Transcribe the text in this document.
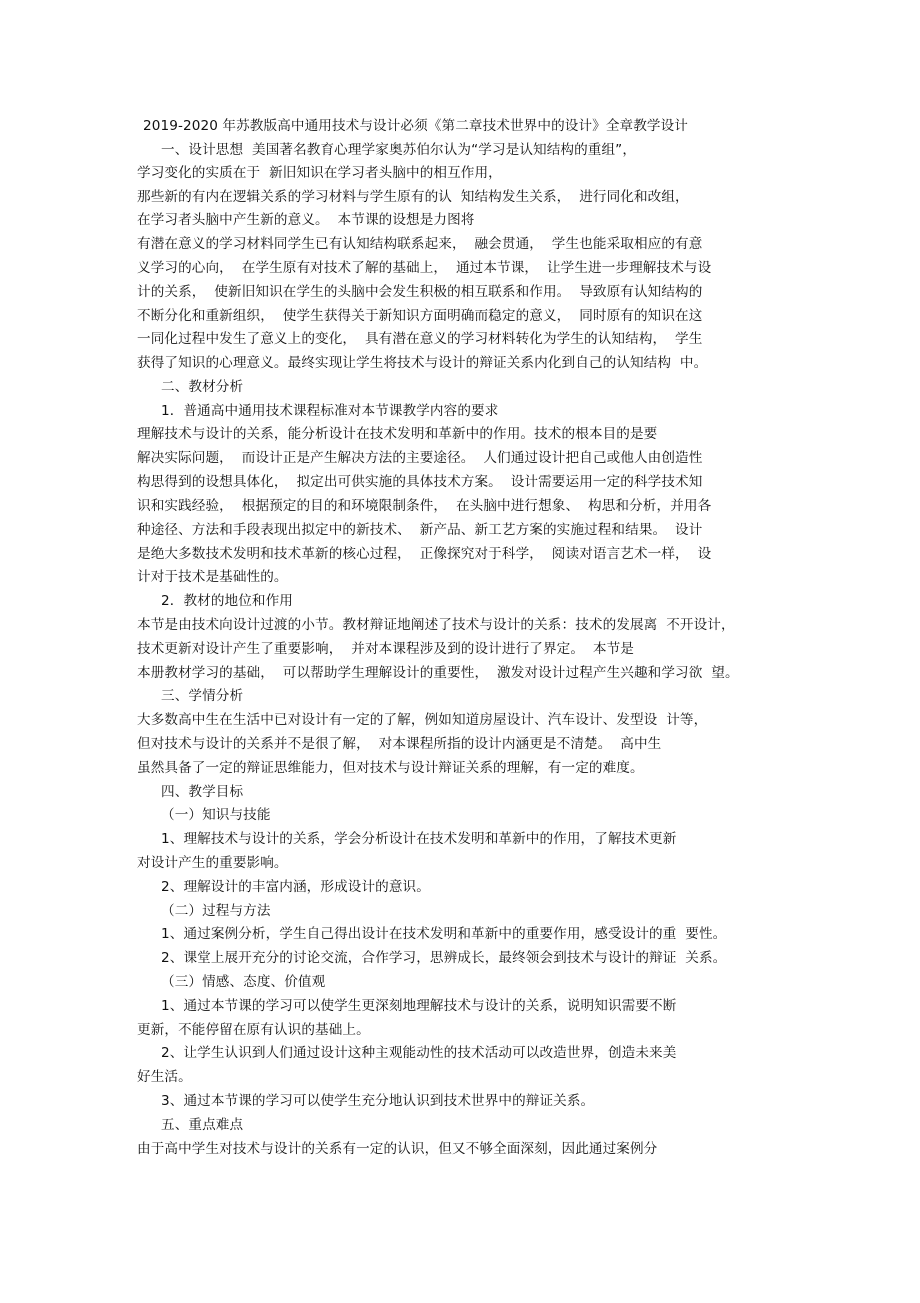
2019-2020 年苏教版高中通用技术与设计必须《第二章技术世界中的设计》全章教学设计
一、设计思想  美国著名教育心理学家奥苏伯尔认为“学习是认知结构的重组”，
学习变化的实质在于  新旧知识在学习者头脑中的相互作用，
那些新的有内在逻辑关系的学习材料与学生原有的认  知结构发生关系，  进行同化和改组，
在学习者头脑中产生新的意义。  本节课的设想是力图将
有潜在意义的学习材料同学生已有认知结构联系起来，  融会贯通，  学生也能采取相应的有意
义学习的心向，  在学生原有对技术了解的基础上，  通过本节课，  让学生进一步理解技术与设
计的关系，  使新旧知识在学生的头脑中会发生积极的相互联系和作用。  导致原有认知结构的
不断分化和重新组织，  使学生获得关于新知识方面明确而稳定的意义，  同时原有的知识在这
一同化过程中发生了意义上的变化，  具有潜在意义的学习材料转化为学生的认知结构，  学生
获得了知识的心理意义。最终实现让学生将技术与设计的辩证关系内化到自己的认知结构  中。
二、教材分析
1．普通高中通用技术课程标准对本节课教学内容的要求
理解技术与设计的关系，能分析设计在技术发明和革新中的作用。技术的根本目的是要
解决实际问题，  而设计正是产生解决方法的主要途径。  人们通过设计把自己或他人由创造性
构思得到的设想具体化，  拟定出可供实施的具体技术方案。  设计需要运用一定的科学技术知
识和实践经验，  根据预定的目的和环境限制条件，  在头脑中进行想象、  构思和分析，并用各
种途径、方法和手段表现出拟定中的新技术、  新产品、新工艺方案的实施过程和结果。  设计
是绝大多数技术发明和技术革新的核心过程，  正像探究对于科学，  阅读对语言艺术一样，  设
计对于技术是基础性的。
2．教材的地位和作用
本节是由技术向设计过渡的小节。教材辩证地阐述了技术与设计的关系：技术的发展离  不开设计，
技术更新对设计产生了重要影响，  并对本课程涉及到的设计进行了界定。  本节是
本册教材学习的基础，  可以帮助学生理解设计的重要性，  激发对设计过程产生兴趣和学习欲  望。
三、学情分析
大多数高中生在生活中已对设计有一定的了解，例如知道房屋设计、汽车设计、发型设  计等，
但对技术与设计的关系并不是很了解，  对本课程所指的设计内涵更是不清楚。  高中生
虽然具备了一定的辩证思维能力，但对技术与设计辩证关系的理解，有一定的难度。
四、教学目标
（一）知识与技能
1、理解技术与设计的关系，学会分析设计在技术发明和革新中的作用，了解技术更新
对设计产生的重要影响。
2、理解设计的丰富内涵，形成设计的意识。
（二）过程与方法
1、通过案例分析，学生自己得出设计在技术发明和革新中的重要作用，感受设计的重  要性。
2、课堂上展开充分的讨论交流，合作学习，思辨成长，最终领会到技术与设计的辩证  关系。
（三）情感、态度、价值观
1、通过本节课的学习可以使学生更深刻地理解技术与设计的关系，说明知识需要不断
更新，不能停留在原有认识的基础上。
2、让学生认识到人们通过设计这种主观能动性的技术活动可以改造世界，创造未来美
好生活。
3、通过本节课的学习可以使学生充分地认识到技术世界中的辩证关系。
五、重点难点
由于高中学生对技术与设计的关系有一定的认识，但又不够全面深刻，因此通过案例分
